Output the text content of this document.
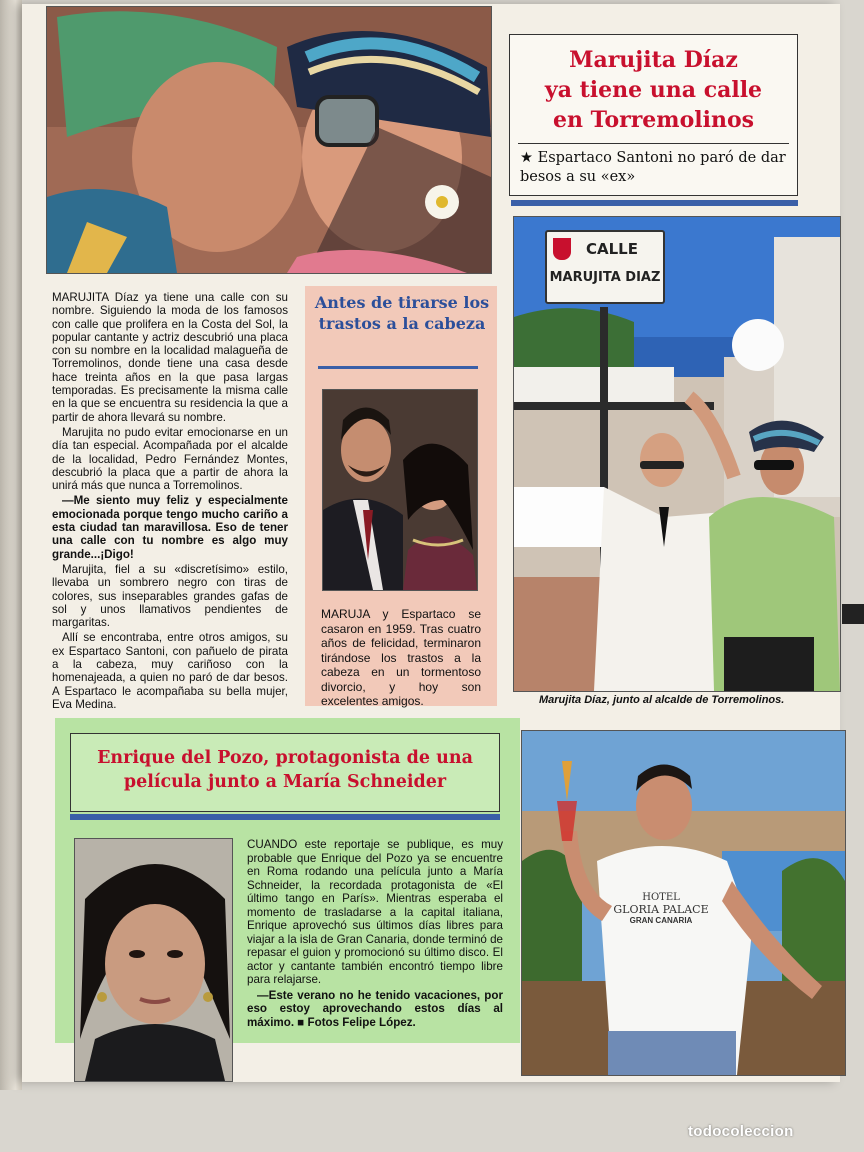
Marujita Díaz
ya tiene una calle
en Torremolinos
★ Espartaco Santoni no paró de dar besos a su «ex»

MARUJITA Díaz ya tiene una calle con su nombre. Siguiendo la moda de los famosos con calle que prolifera en la Costa del Sol, la popular cantante y actriz descubrió una placa con su nombre en la localidad malagueña de Torremolinos, donde tiene una casa desde hace treinta años en la que pasa largas temporadas. Es precisamente la misma calle en la que se encuentra su residencia la que a partir de ahora llevará su nombre.

Marujita no pudo evitar emocionarse en un día tan especial. Acompañada por el alcalde de la localidad, Pedro Fernández Montes, descubrió la placa que a partir de ahora la unirá más que nunca a Torremolinos.

—Me siento muy feliz y especialmente emocionada porque tengo mucho cariño a esta ciudad tan maravillosa. Eso de tener una calle con tu nombre es algo muy grande...¡Digo!

Marujita, fiel a su «discretísimo» estilo, llevaba un sombrero negro con tiras de colores, sus inseparables grandes gafas de sol y unos llamativos pendientes de margaritas.

Allí se encontraba, entre otros amigos, su ex Espartaco Santoni, con pañuelo de pirata a la cabeza, muy cariñoso con la homenajeada, a quien no paró de dar besos. A Espartaco le acompañaba su bella mujer, Eva Medina.

Antes de tirarse los trastos a la cabeza

MARUJA y Espartaco se casaron en 1959. Tras cuatro años de felicidad, terminaron tirándose los trastos a la cabeza en un tormentoso divorcio, y hoy son excelentes amigos.

CALLE
MARUJITA DIAZ
Marujita Díaz, junto al alcalde de Torremolinos.
Enrique del Pozo, protagonista de una película junto a María Schneider

CUANDO este reportaje se publique, es muy probable que Enrique del Pozo ya se encuentre en Roma rodando una película junto a María Schneider, la recordada protagonista de «El último tango en París». Mientras esperaba el momento de trasladarse a la capital italiana, Enrique aprovechó sus últimos días libres para viajar a la isla de Gran Canaria, donde terminó de repasar el guion y promocionó su último disco. El actor y cantante también encontró tiempo libre para relajarse.

—Este verano no he tenido vacaciones, por eso estoy aprovechando estos días al máximo. ■ Fotos Felipe López.

HOTEL
GLORIA PALACE
GRAN CANARIA
todocoleccion
